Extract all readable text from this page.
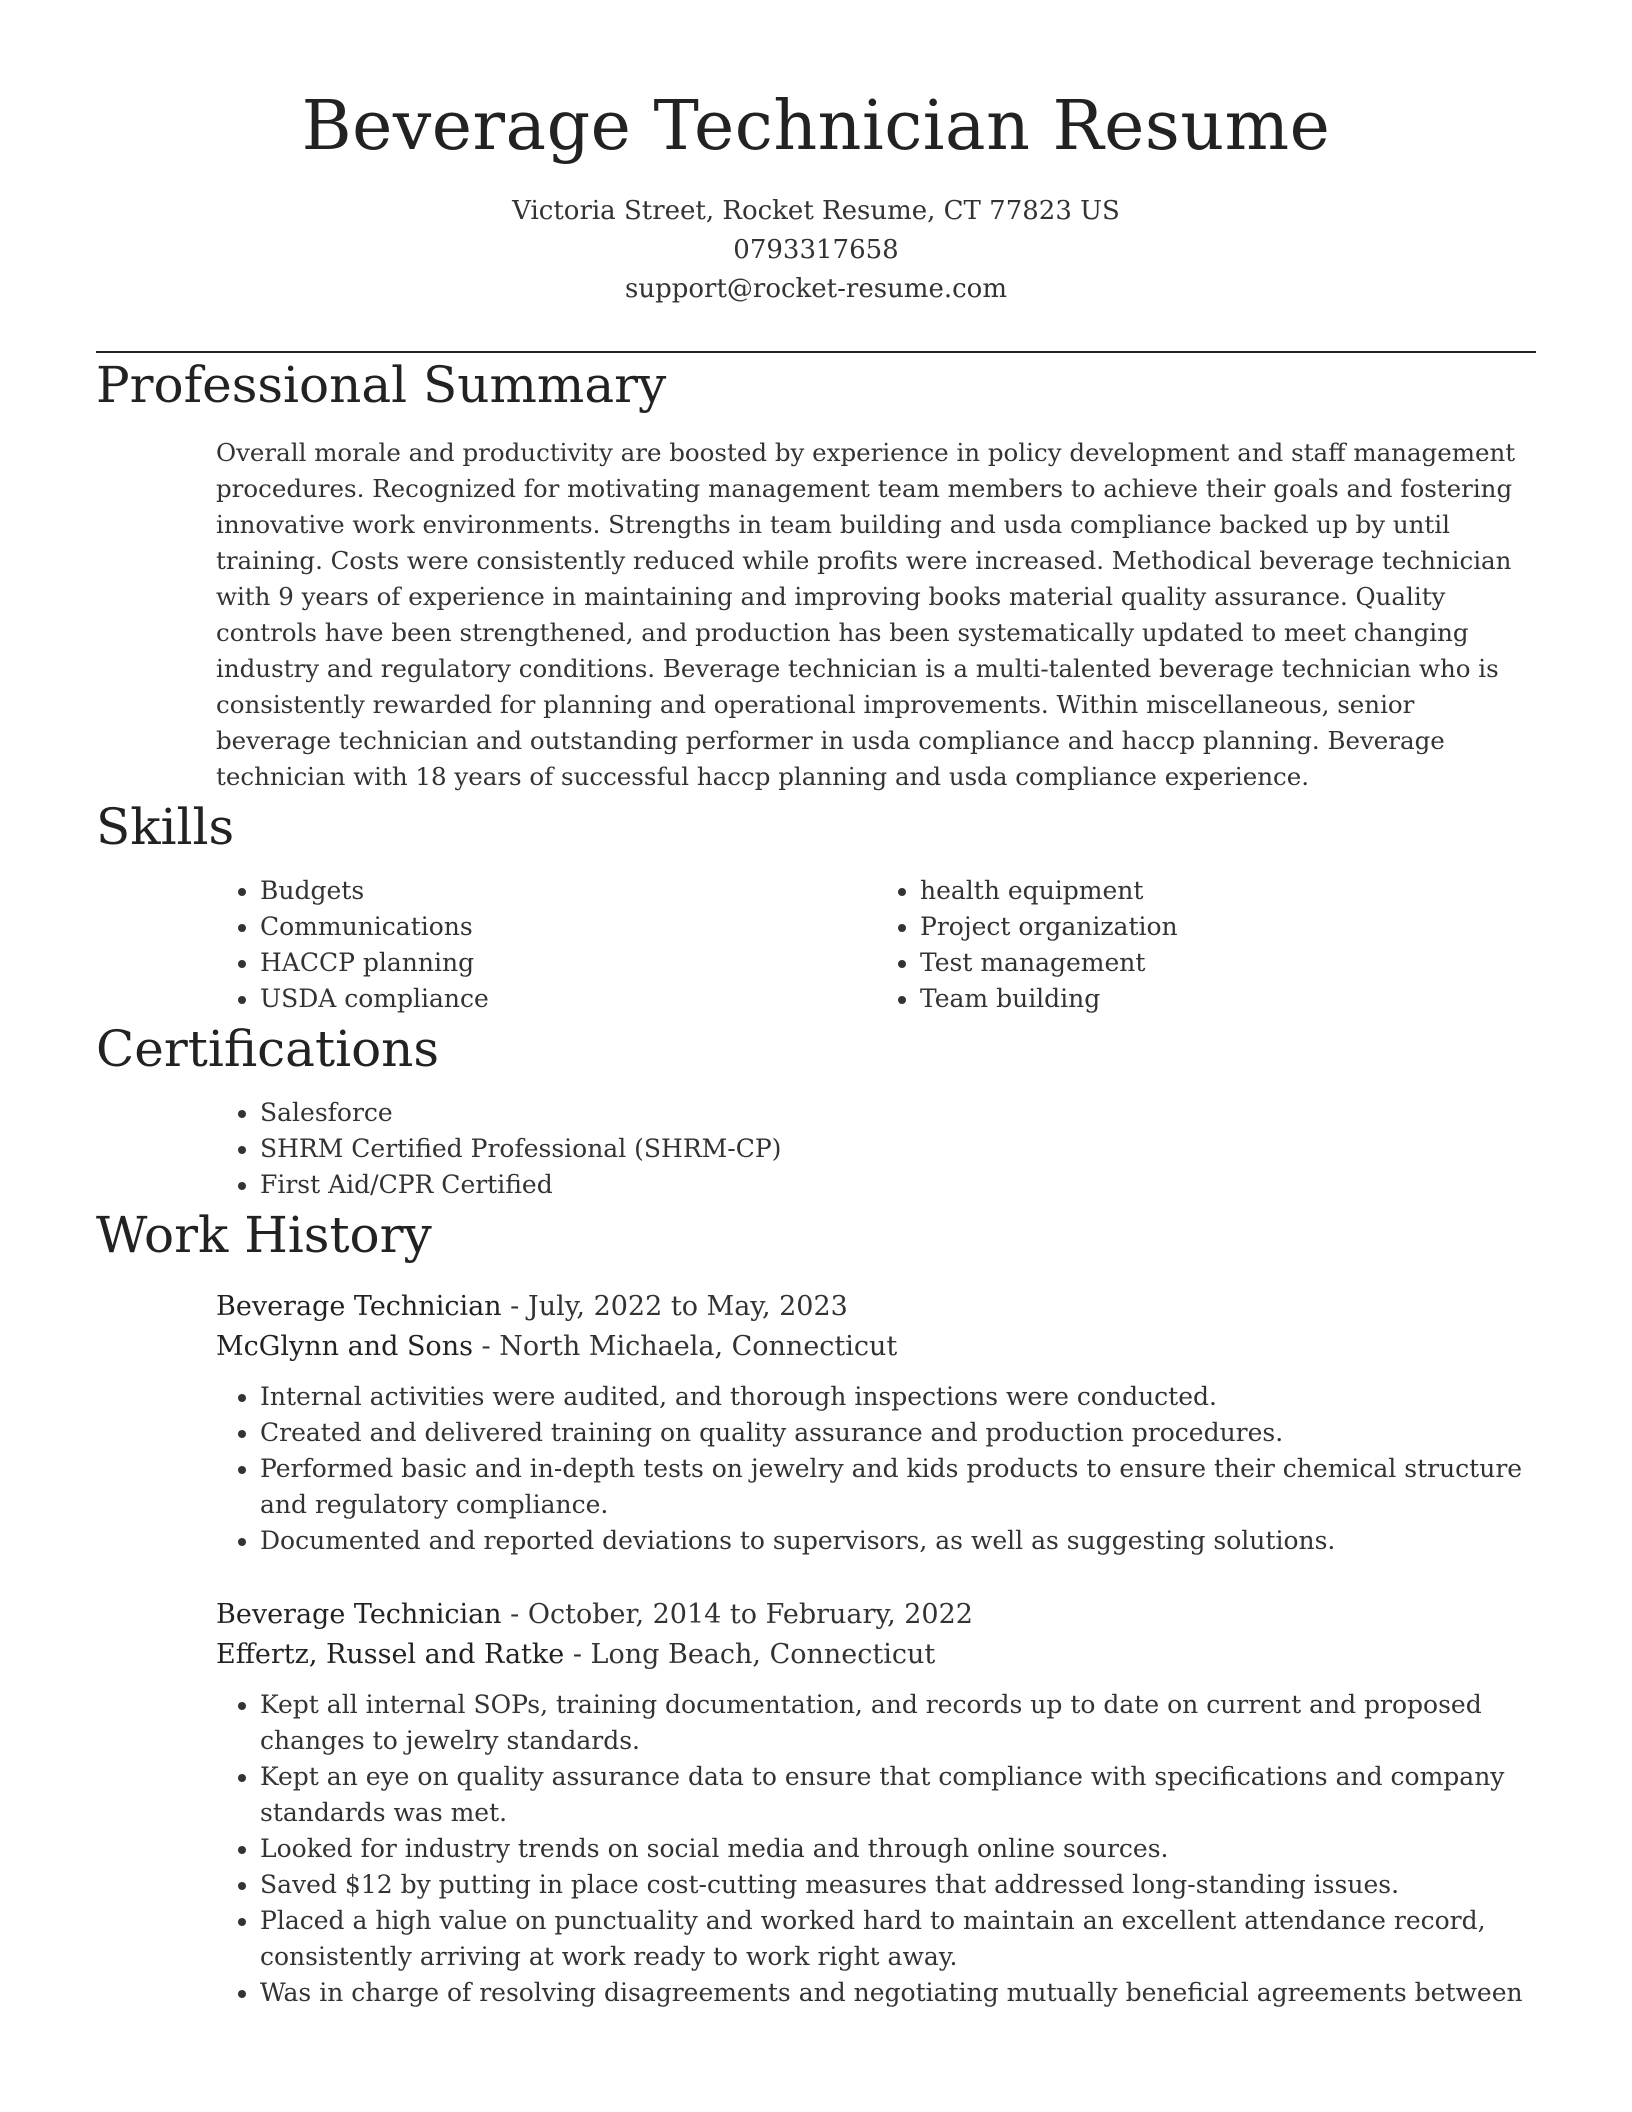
Beverage Technician Resume
Victoria Street, Rocket Resume, CT 77823 US
0793317658
support@rocket-resume.com
Professional Summary
Overall morale and productivity are boosted by experience in policy development and staff management procedures. Recognized for motivating management team members to achieve their goals and fostering innovative work environments. Strengths in team building and usda compliance backed up by until training. Costs were consistently reduced while profits were increased. Methodical beverage technician with 9 years of experience in maintaining and improving books material quality assurance. Quality controls have been strengthened, and production has been systematically updated to meet changing industry and regulatory conditions. Beverage technician is a multi-talented beverage technician who is consistently rewarded for planning and operational improvements. Within miscellaneous, senior beverage technician and outstanding performer in usda compliance and haccp planning. Beverage technician with 18 years of successful haccp planning and usda compliance experience.
Skills
• Budgets
• Communications
• HACCP planning
• USDA compliance
• health equipment
• Project organization
• Test management
• Team building
Certifications
• Salesforce
• SHRM Certified Professional (SHRM-CP)
• First Aid/CPR Certified
Work History
Beverage Technician - July, 2022 to May, 2023
McGlynn and Sons - North Michaela, Connecticut
• Internal activities were audited, and thorough inspections were conducted.
• Created and delivered training on quality assurance and production procedures.
• Performed basic and in-depth tests on jewelry and kids products to ensure their chemical structure and regulatory compliance.
• Documented and reported deviations to supervisors, as well as suggesting solutions.
Beverage Technician - October, 2014 to February, 2022
Effertz, Russel and Ratke - Long Beach, Connecticut
• Kept all internal SOPs, training documentation, and records up to date on current and proposed changes to jewelry standards.
• Kept an eye on quality assurance data to ensure that compliance with specifications and company standards was met.
• Looked for industry trends on social media and through online sources.
• Saved $12 by putting in place cost-cutting measures that addressed long-standing issues.
• Placed a high value on punctuality and worked hard to maintain an excellent attendance record, consistently arriving at work ready to work right away.
• Was in charge of resolving disagreements and negotiating mutually beneficial agreements between
